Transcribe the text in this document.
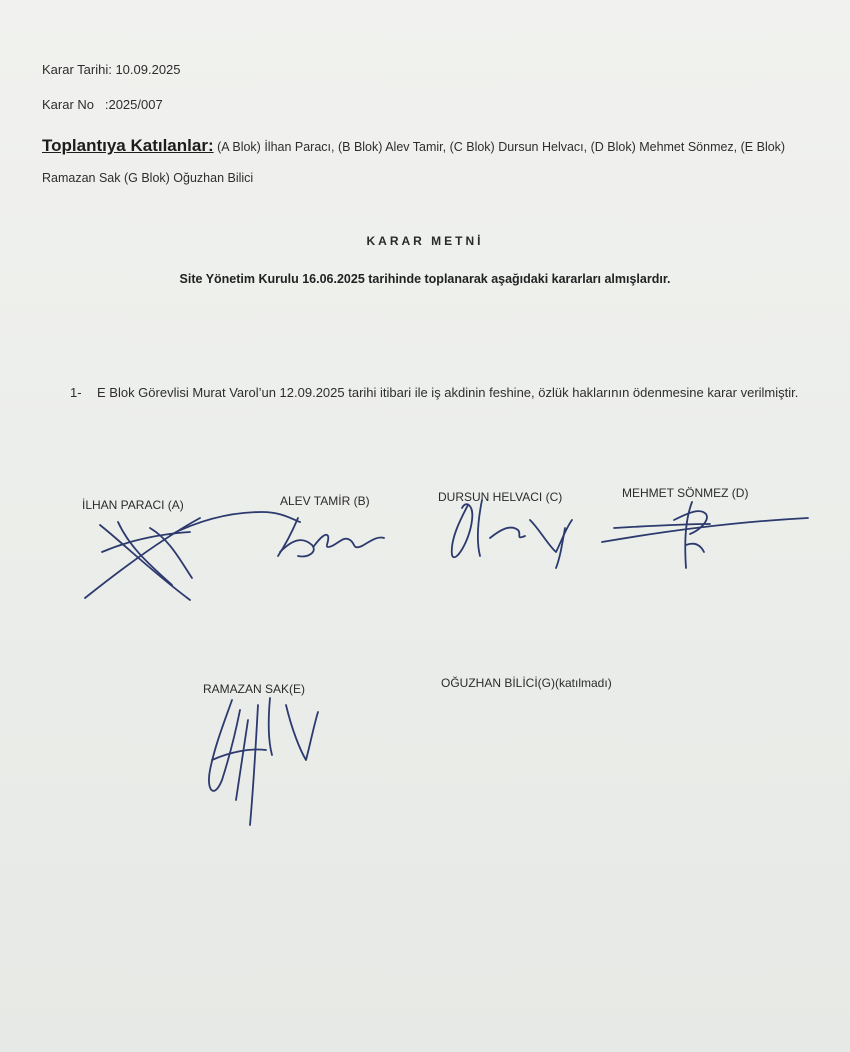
Karar Tarihi: 10.09.2025
Karar No   :2025/007
Toplantıya Katılanlar: (A Blok) İlhan Paracı, (B Blok) Alev Tamir, (C Blok) Dursun Helvacı, (D Blok) Mehmet Sönmez, (E Blok) Ramazan Sak (G Blok) Oğuzhan Bilici
KARAR METNİ
Site Yönetim Kurulu 16.06.2025 tarihinde toplanarak aşağıdaki kararları almışlardır.
1- E Blok Görevlisi Murat Varol’un 12.09.2025 tarihi itibari ile iş akdinin feshine, özlük haklarının ödenmesine karar verilmiştir.
İLHAN PARACI (A)	ALEV TAMİR (B)	DURSUN HELVACI (C)	MEHMET SÖNMEZ (D)
RAMAZAN SAK(E)	OĞUZHAN BİLİCİ(G)(katılmadı)
